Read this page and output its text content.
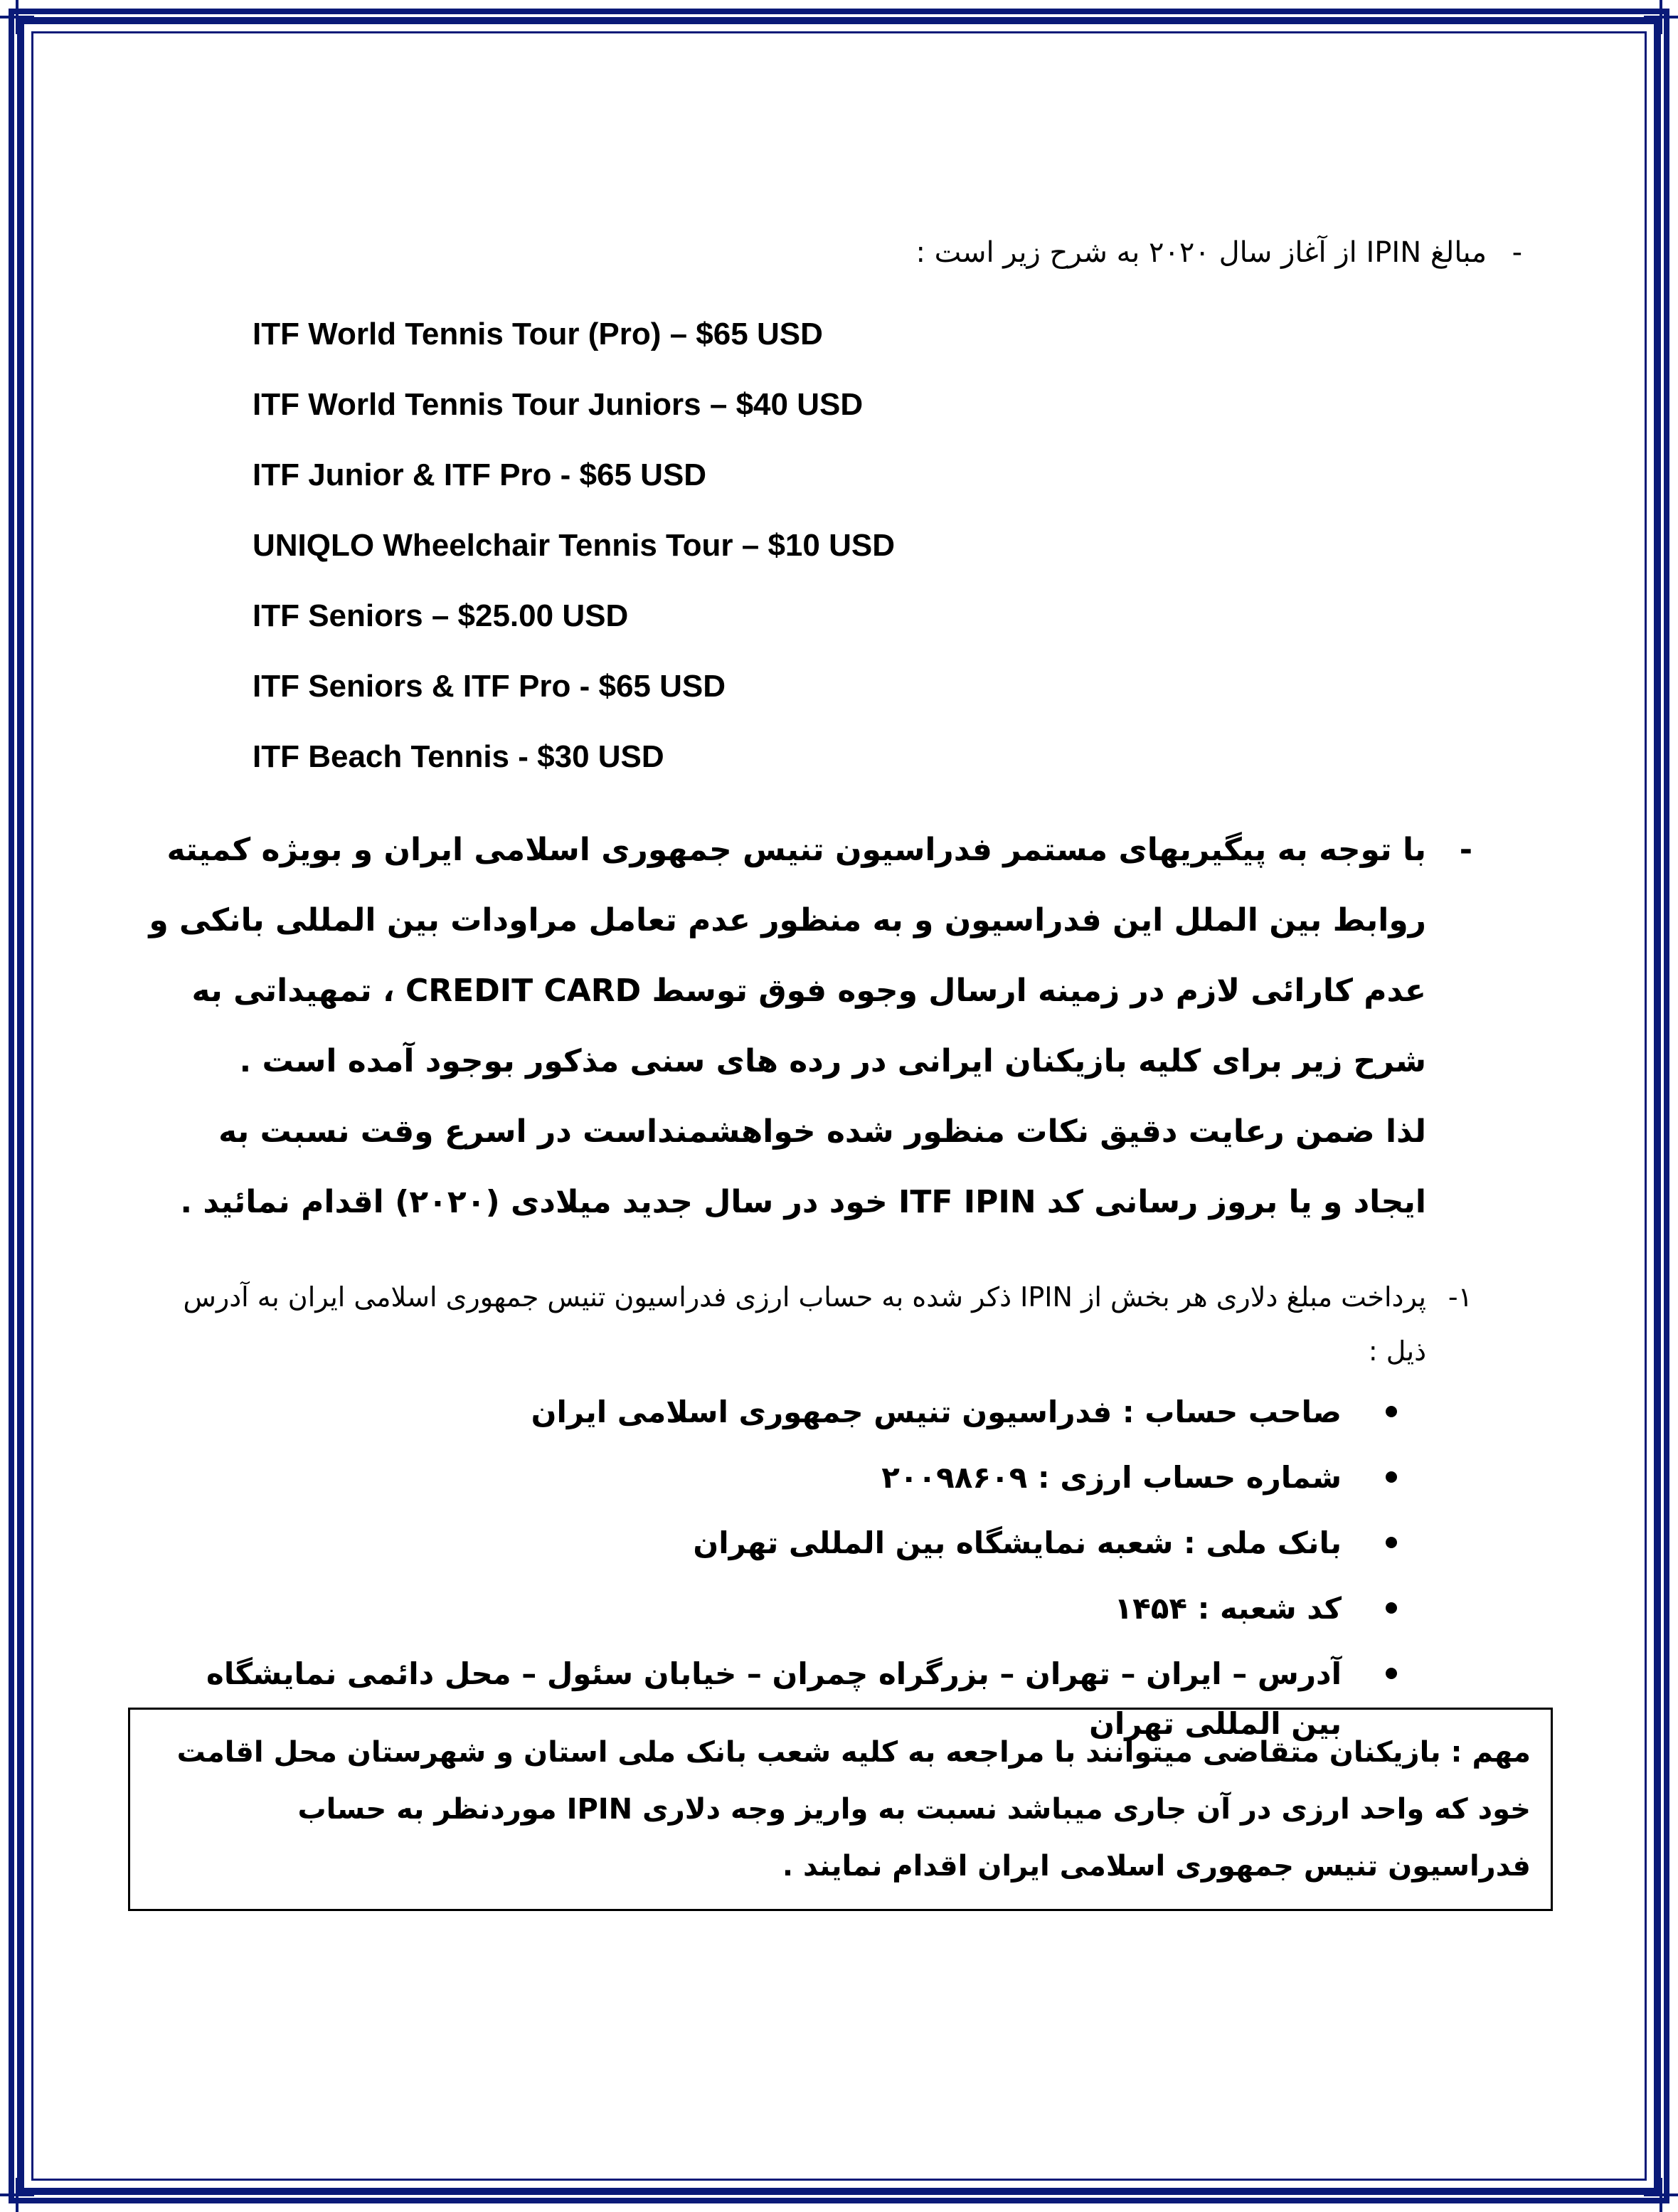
-
مبالغ IPIN از آغاز سال ۲۰۲۰ به شرح زیر است :
ITF World Tennis Tour (Pro) – $65 USD
ITF World Tennis Tour Juniors – $40 USD
ITF Junior & ITF Pro - $65 USD
UNIQLO Wheelchair Tennis Tour – $10 USD
ITF Seniors – $25.00 USD
ITF Seniors & ITF Pro - $65 USD
ITF Beach Tennis - $30 USD
-

با توجه به پیگیریهای مستمر فدراسیون تنیس جمهوری اسلامی ایران و بویژه کمیته روابط بین الملل این فدراسیون و به منظور عدم تعامل مراودات بین المللی بانکی و عدم کارائی لازم در زمینه ارسال وجوه فوق توسط CREDIT CARD ، تمهیداتی به شرح زیر برای کلیه بازیکنان ایرانی در رده های سنی مذکور بوجود آمده است .

لذا ضمن رعایت دقیق نکات منظور شده خواهشمنداست در اسرع وقت نسبت به ایجاد و یا بروز رسانی کد ITF IPIN خود در سال جدید میلادی (۲۰۲۰) اقدام نمائید .

۱-
پرداخت مبلغ دلاری هر بخش از IPIN ذکر شده به حساب ارزی فدراسیون تنیس جمهوری اسلامی ایران به آدرس ذیل :
صاحب حساب : فدراسیون تنیس جمهوری اسلامی ایران
شماره حساب ارزی : ۲۰۰۹۸۶۰۹
بانک ملی : شعبه نمایشگاه بین المللی تهران
کد شعبه : ۱۴۵۴
آدرس – ایران – تهران – بزرگراه چمران – خیابان سئول – محل دائمی نمایشگاه بین المللی تهران
مهم : بازیکنان متقاضی میتوانند با مراجعه به کلیه شعب بانک ملی استان و شهرستان محل اقامت خود که واحد ارزی در آن جاری میباشد نسبت به واریز وجه دلاری IPIN موردنظر به حساب فدراسیون تنیس جمهوری اسلامی ایران اقدام نمایند .
